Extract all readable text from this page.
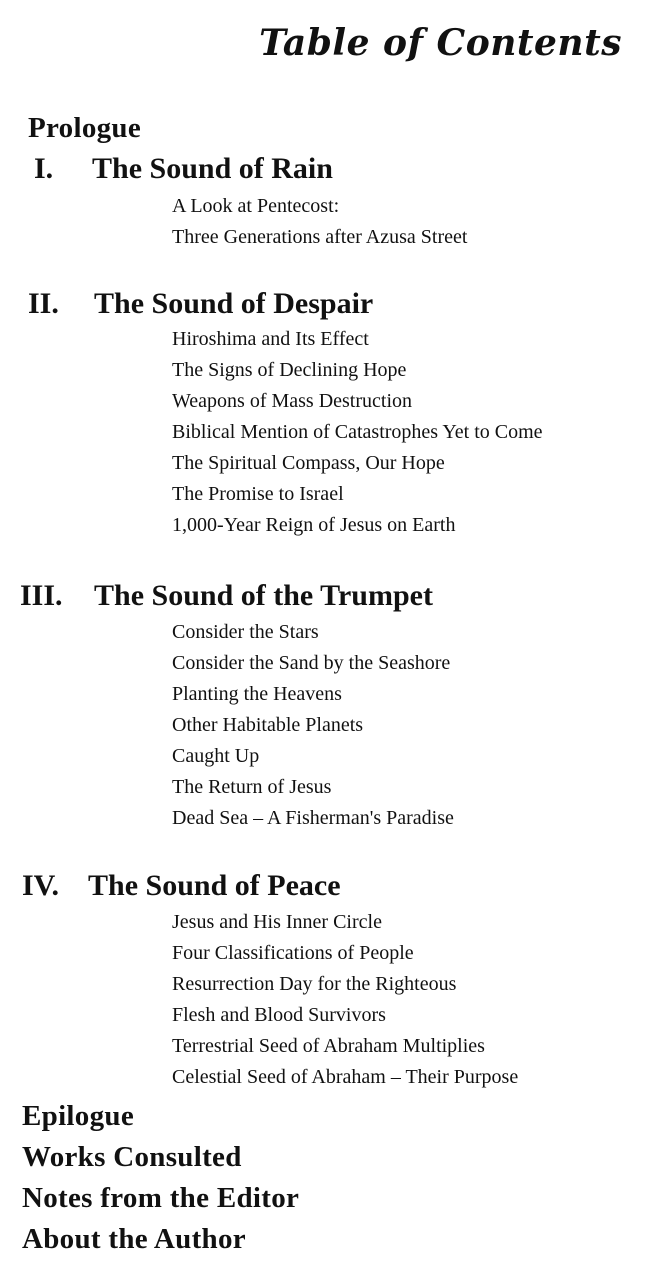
Table of Contents
Prologue
I. The Sound of Rain
A Look at Pentecost:
Three Generations after Azusa Street
II. The Sound of Despair
Hiroshima and Its Effect
The Signs of Declining Hope
Weapons of Mass Destruction
Biblical Mention of Catastrophes Yet to Come
The Spiritual Compass, Our Hope
The Promise to Israel
1,000-Year Reign of Jesus on Earth
III. The Sound of the Trumpet
Consider the Stars
Consider the Sand by the Seashore
Planting the Heavens
Other Habitable Planets
Caught Up
The Return of Jesus
Dead Sea – A Fisherman's Paradise
IV. The Sound of Peace
Jesus and His Inner Circle
Four Classifications of People
Resurrection Day for the Righteous
Flesh and Blood Survivors
Terrestrial Seed of Abraham Multiplies
Celestial Seed of Abraham – Their Purpose
Epilogue
Works Consulted
Notes from the Editor
About the Author
